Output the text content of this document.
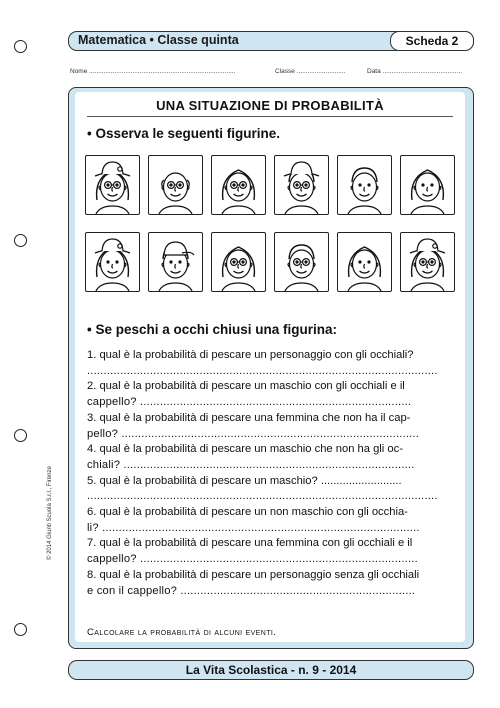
Matematica • Classe quinta	Scheda 2
Nome .................................................................................	Classe ...........................	Data ............................................
UNA SITUAZIONE DI PROBABILITÀ
• Osserva le seguenti figurine.
• Se peschi a occhi chiusi una figurina:
1. qual è la probabilità di pescare un personaggio con gli occhiali?
..........................................................................................................
2. qual è la probabilità di pescare un maschio con gli occhiali e il
cappello? ..................................................................................
3. qual è la probabilità di pescare una femmina che non ha il cap-
pello? ..........................................................................................
4. qual è la probabilità di pescare un maschio che non ha gli oc-
chiali? ........................................................................................
5. qual è la probabilità di pescare un maschio? ..........................
..........................................................................................................
6. qual è la probabilità di pescare un non maschio con gli occhia-
li? ................................................................................................
7. qual è la probabilità di pescare una femmina con gli occhiali e il
cappello? ....................................................................................
8. qual è la probabilità di pescare un personaggio senza gli occhiali
e con il cappello? .......................................................................
Calcolare la probabilità di alcuni eventi.
© 2014 Giunti Scuola S.r.l., Firenze
La Vita Scolastica - n. 9 - 2014
